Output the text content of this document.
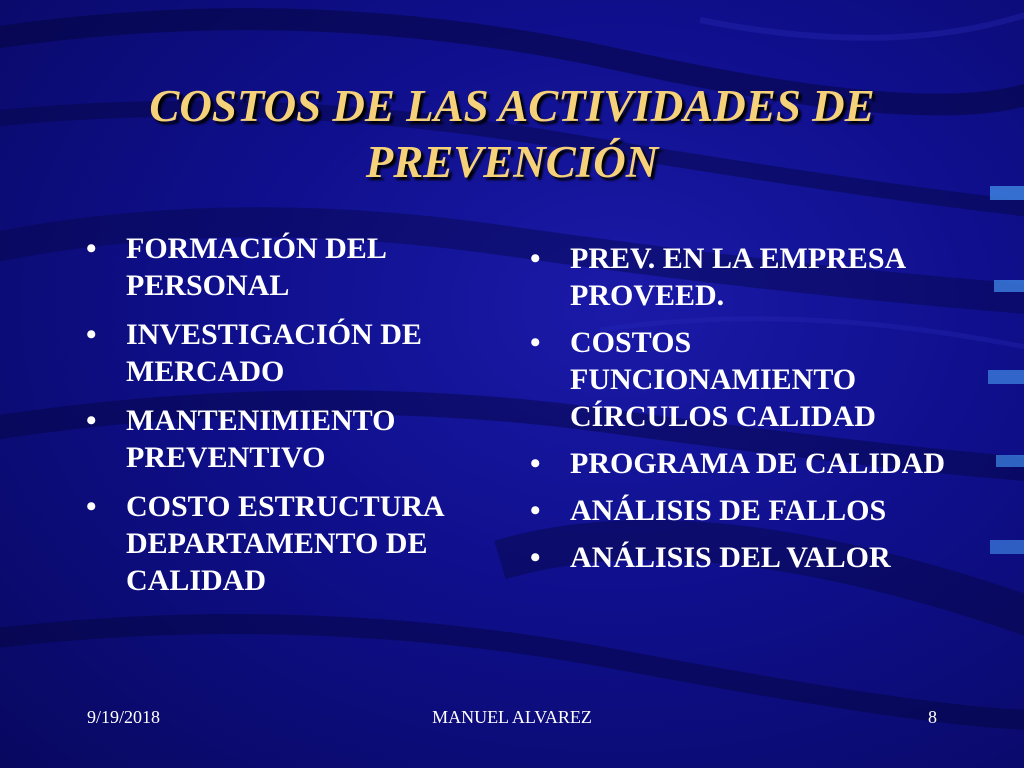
COSTOS DE LAS ACTIVIDADES DE
PREVENCIÓN
• FORMACIÓN DEL PERSONAL
• INVESTIGACIÓN DE MERCADO
• MANTENIMIENTO PREVENTIVO
• COSTO ESTRUCTURA DEPARTAMENTO DE CALIDAD
• PREV. EN LA EMPRESA PROVEED.
• COSTOS FUNCIONAMIENTO CÍRCULOS CALIDAD
• PROGRAMA DE CALIDAD
• ANÁLISIS DE FALLOS
• ANÁLISIS DEL VALOR
9/19/2018	MANUEL ALVAREZ	8
